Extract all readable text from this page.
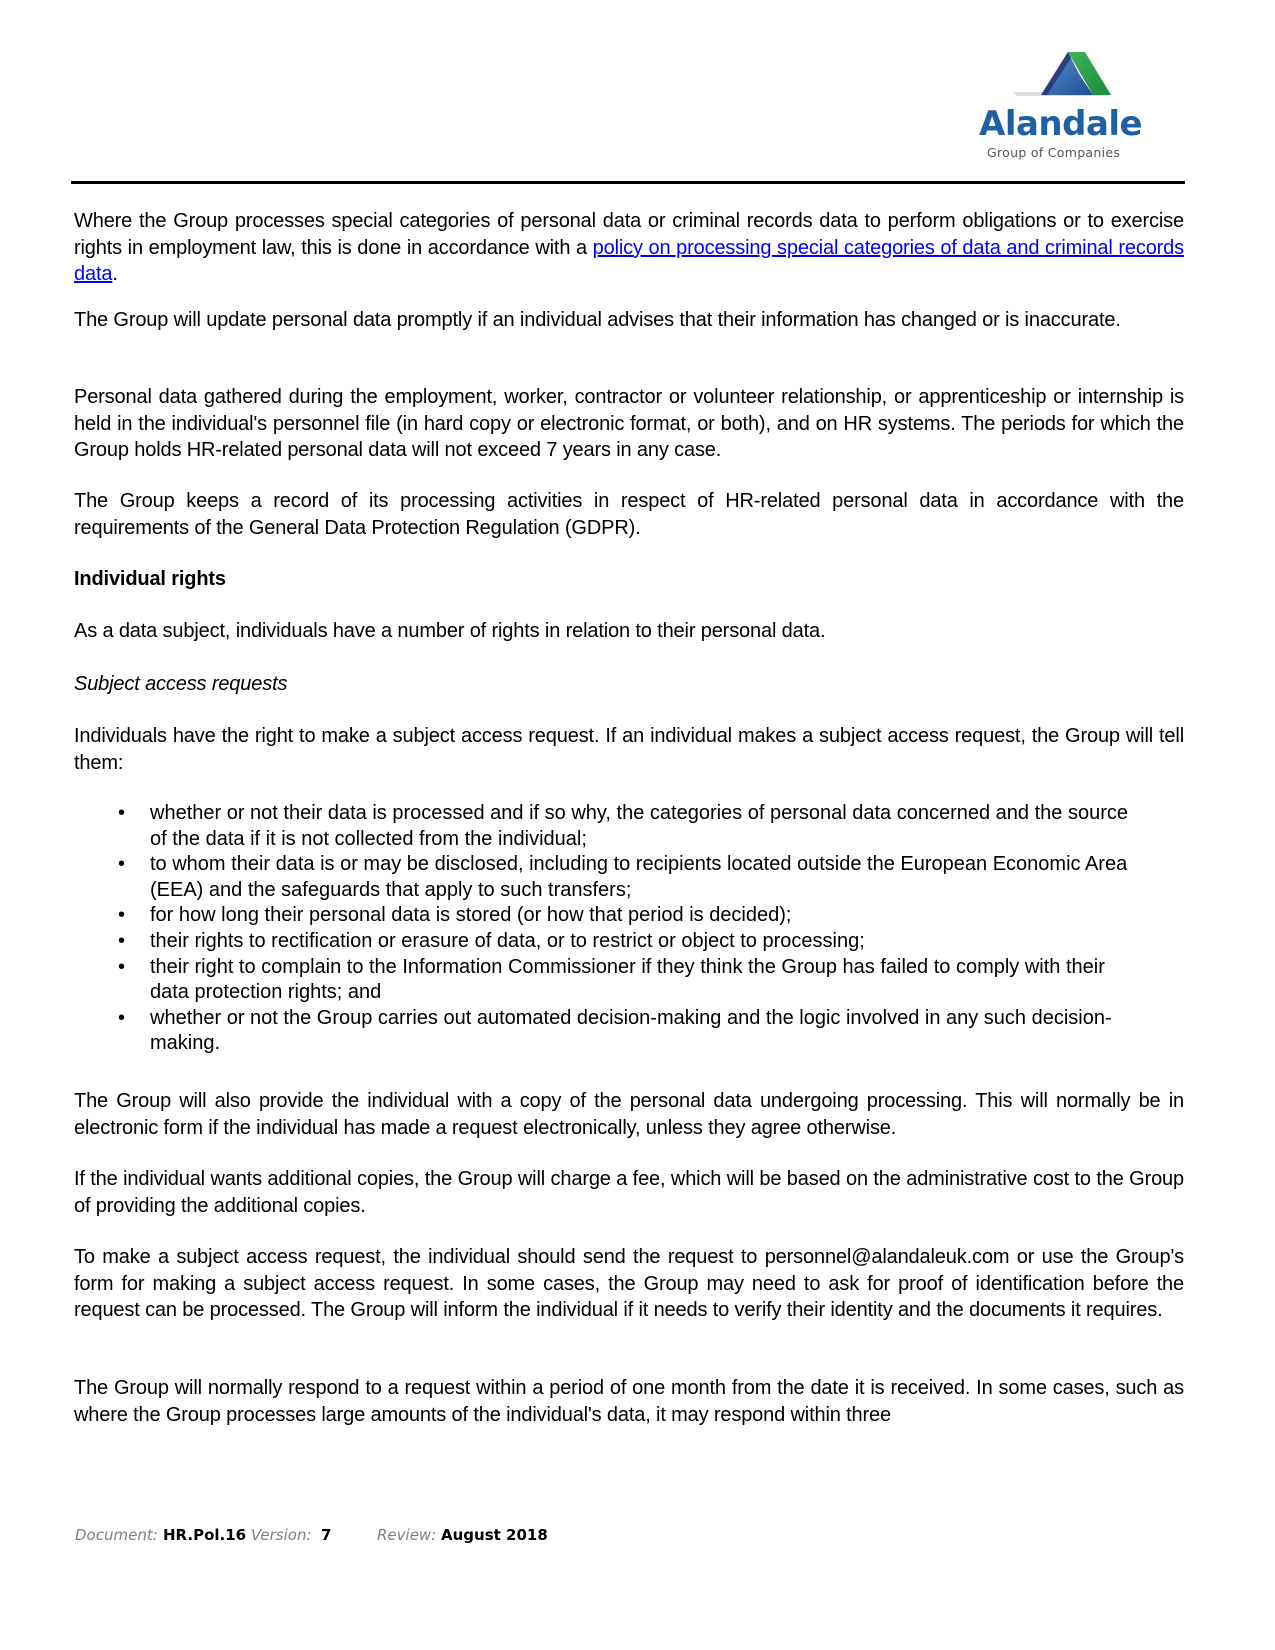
Alandale
Group of Companies

Where the Group processes special categories of personal data or criminal records data to perform obligations or to exercise rights in employment law, this is done in accordance with a policy on processing special categories of data and criminal records data.

The Group will update personal data promptly if an individual advises that their information has changed or is inaccurate.

Personal data gathered during the employment, worker, contractor or volunteer relationship, or apprenticeship or internship is held in the individual's personnel file (in hard copy or electronic format, or both), and on HR systems. The periods for which the Group holds HR-related personal data will not exceed 7 years in any case.

The Group keeps a record of its processing activities in respect of HR-related personal data in accordance with the requirements of the General Data Protection Regulation (GDPR).

Individual rights

As a data subject, individuals have a number of rights in relation to their personal data.

Subject access requests

Individuals have the right to make a subject access request. If an individual makes a subject access request, the Group will tell them:

• whether or not their data is processed and if so why, the categories of personal data concerned and the source of the data if it is not collected from the individual;
• to whom their data is or may be disclosed, including to recipients located outside the European Economic Area (EEA) and the safeguards that apply to such transfers;
• for how long their personal data is stored (or how that period is decided);
• their rights to rectification or erasure of data, or to restrict or object to processing;
• their right to complain to the Information Commissioner if they think the Group has failed to comply with their data protection rights; and
• whether or not the Group carries out automated decision-making and the logic involved in any such decision-making.

The Group will also provide the individual with a copy of the personal data undergoing processing. This will normally be in electronic form if the individual has made a request electronically, unless they agree otherwise.

If the individual wants additional copies, the Group will charge a fee, which will be based on the administrative cost to the Group of providing the additional copies.

To make a subject access request, the individual should send the request to personnel@alandaleuk.com or use the Group's form for making a subject access request. In some cases, the Group may need to ask for proof of identification before the request can be processed. The Group will inform the individual if it needs to verify their identity and the documents it requires.

The Group will normally respond to a request within a period of one month from the date it is received. In some cases, such as where the Group processes large amounts of the individual's data, it may respond within three

Document: HR.Pol.16 Version: 7	Review: August 2018
